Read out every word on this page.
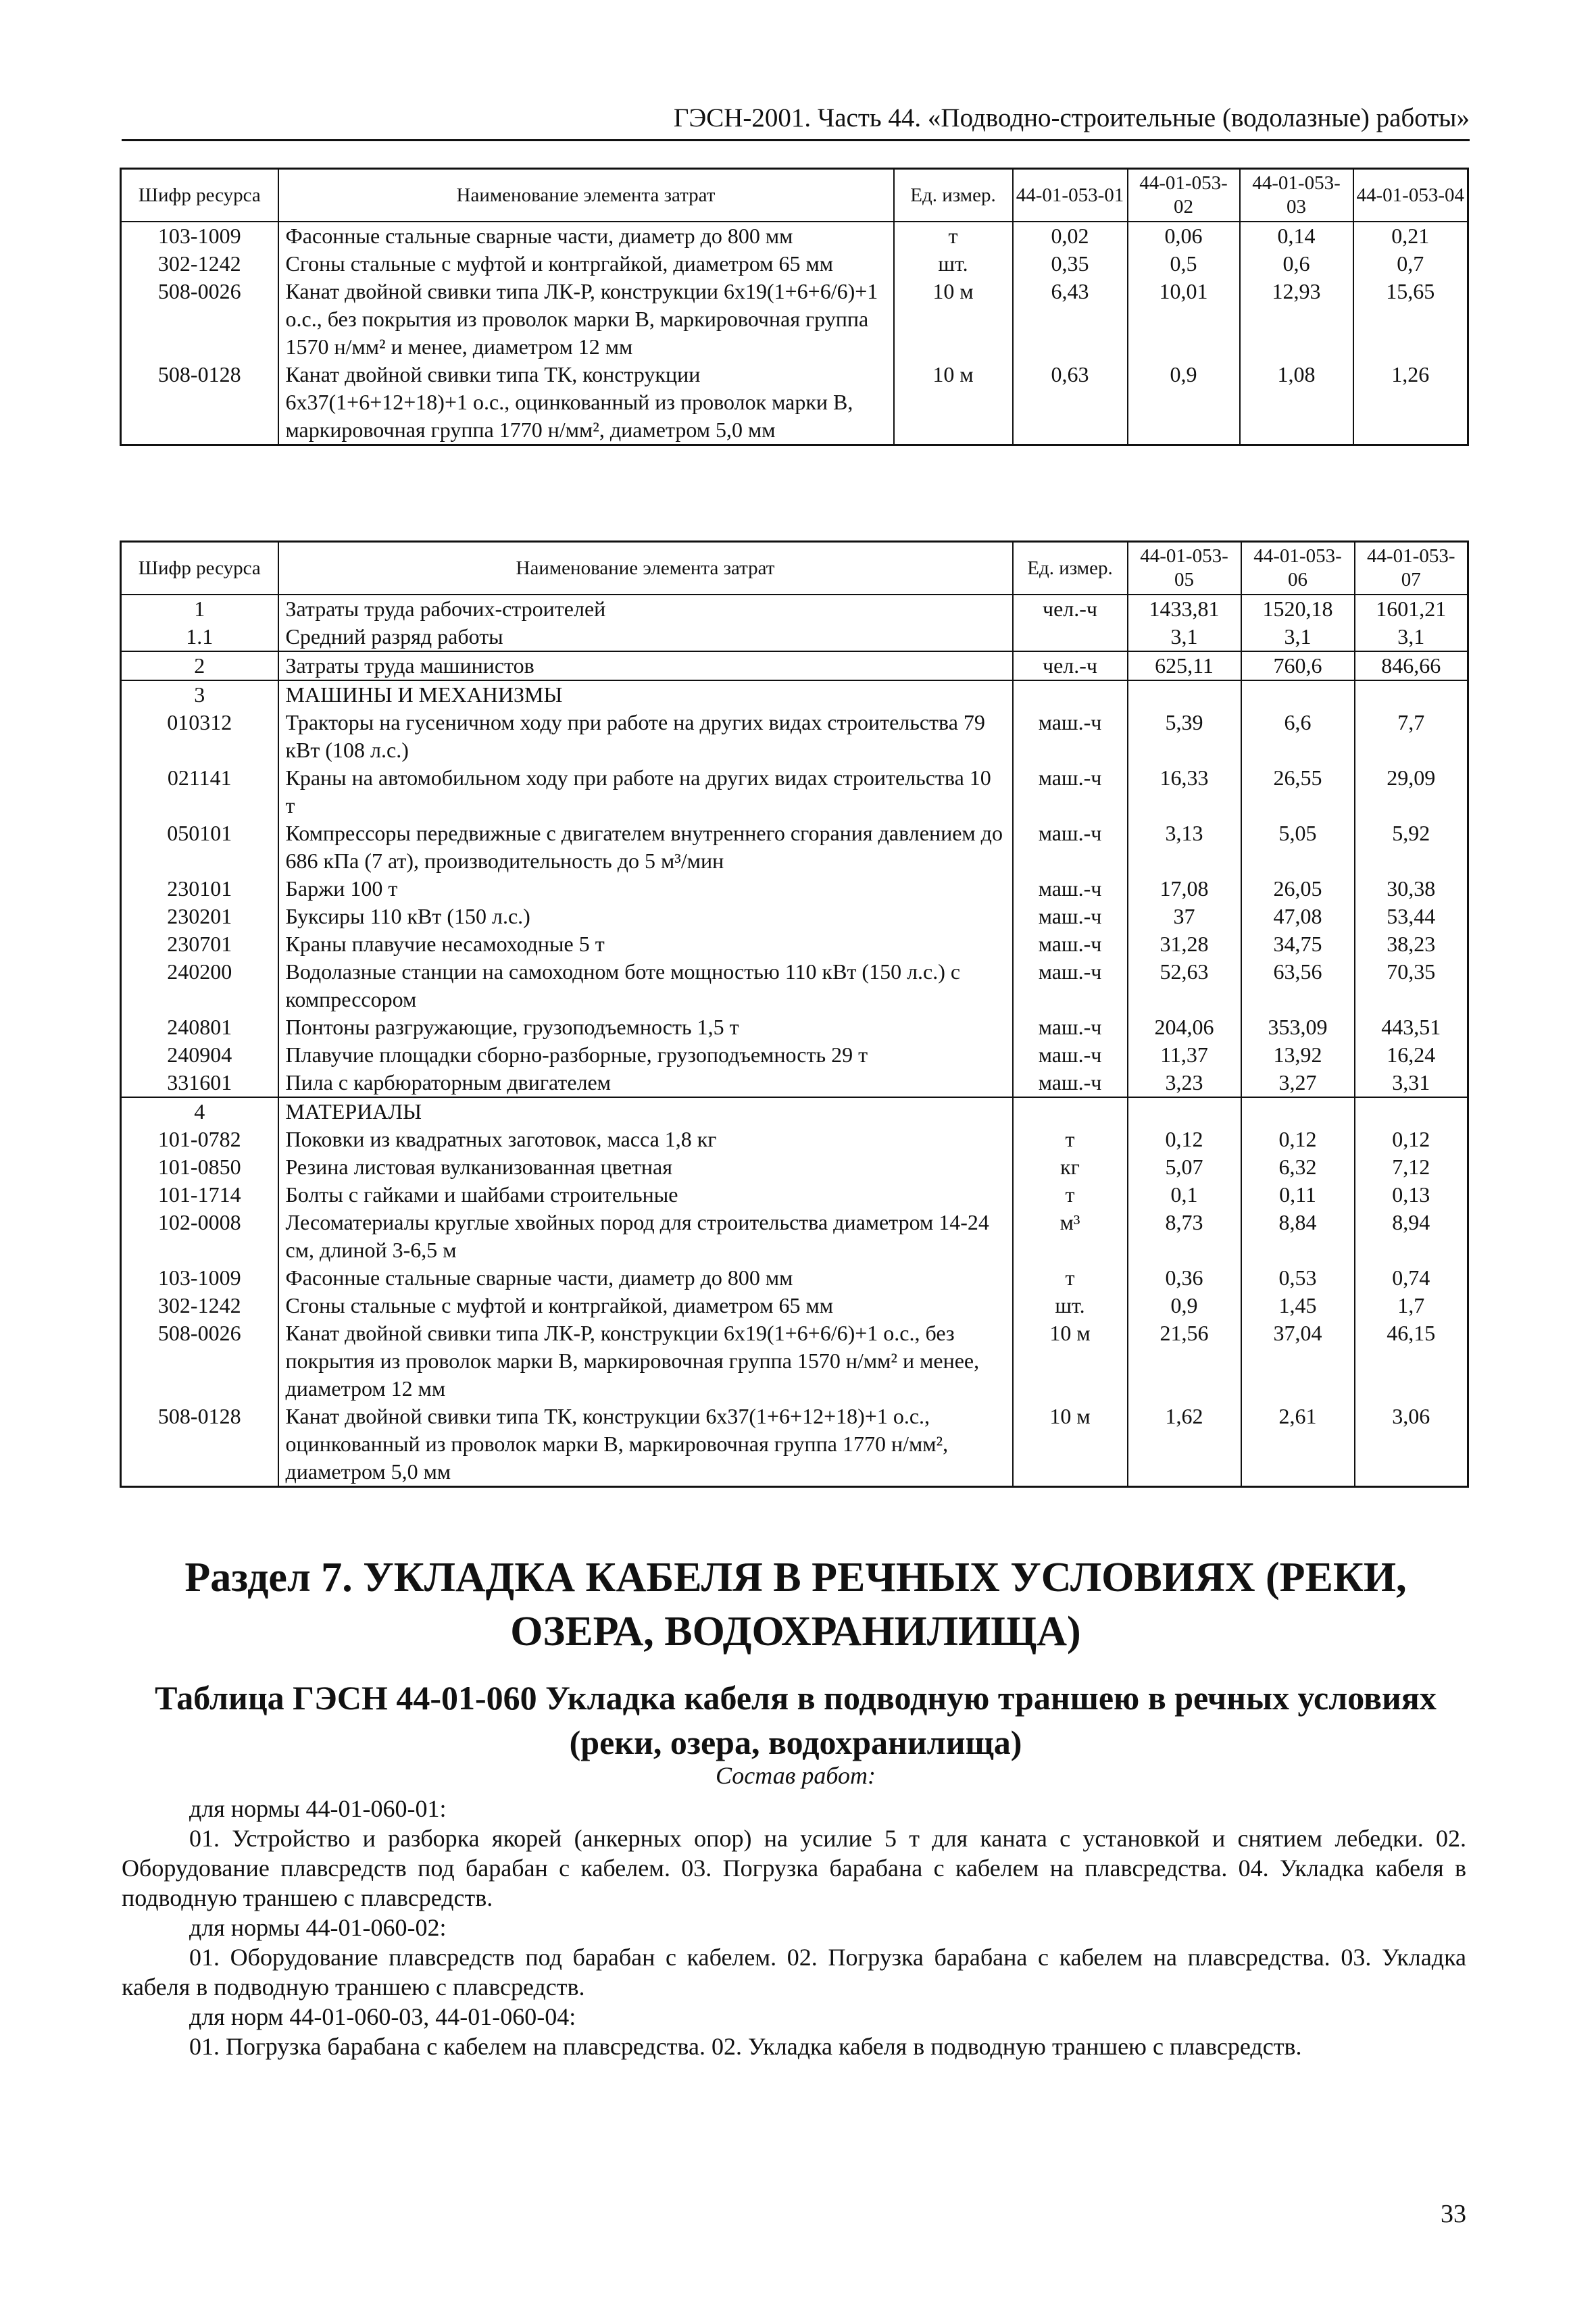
ГЭСН-2001. Часть 44. «Подводно-строительные (водолазные) работы»
Шифр ресурса	Наименование элемента затрат	Ед. измер.	44-01-053-01	44-01-053-02	44-01-053-03	44-01-053-04
103-1009	Фасонные стальные сварные части, диаметр до 800 мм	т	0,02	0,06	0,14	0,21
302-1242	Сгоны стальные с муфтой и контргайкой, диаметром 65 мм	шт.	0,35	0,5	0,6	0,7
508-0026	Канат двойной свивки типа ЛК-Р, конструкции 6х19(1+6+6/6)+1 о.с., без покрытия из проволок марки В, маркировочная группа 1570 н/мм² и менее, диаметром 12 мм	10 м	6,43	10,01	12,93	15,65
508-0128	Канат двойной свивки типа ТК, конструкции 6х37(1+6+12+18)+1 о.с., оцинкованный из проволок марки В, маркировочная группа 1770 н/мм², диаметром 5,0 мм	10 м	0,63	0,9	1,08	1,26
Шифр ресурса	Наименование элемента затрат	Ед. измер.	44-01-053-05	44-01-053-06	44-01-053-07
1	Затраты труда рабочих-строителей	чел.-ч	1433,81	1520,18	1601,21
1.1	Средний разряд работы		3,1	3,1	3,1
2	Затраты труда машинистов	чел.-ч	625,11	760,6	846,66
3	МАШИНЫ И МЕХАНИЗМЫ				
010312	Тракторы на гусеничном ходу при работе на других видах строительства 79 кВт (108 л.с.)	маш.-ч	5,39	6,6	7,7
021141	Краны на автомобильном ходу при работе на других видах строительства 10 т	маш.-ч	16,33	26,55	29,09
050101	Компрессоры передвижные с двигателем внутреннего сгорания давлением до 686 кПа (7 ат), производительность до 5 м³/мин	маш.-ч	3,13	5,05	5,92
230101	Баржи 100 т	маш.-ч	17,08	26,05	30,38
230201	Буксиры 110 кВт (150 л.с.)	маш.-ч	37	47,08	53,44
230701	Краны плавучие несамоходные 5 т	маш.-ч	31,28	34,75	38,23
240200	Водолазные станции на самоходном боте мощностью 110 кВт (150 л.с.) с компрессором	маш.-ч	52,63	63,56	70,35
240801	Понтоны разгружающие, грузоподъемность 1,5 т	маш.-ч	204,06	353,09	443,51
240904	Плавучие площадки сборно-разборные, грузоподъемность 29 т	маш.-ч	11,37	13,92	16,24
331601	Пила с карбюраторным двигателем	маш.-ч	3,23	3,27	3,31
4	МАТЕРИАЛЫ				
101-0782	Поковки из квадратных заготовок, масса 1,8 кг	т	0,12	0,12	0,12
101-0850	Резина листовая вулканизованная цветная	кг	5,07	6,32	7,12
101-1714	Болты с гайками и шайбами строительные	т	0,1	0,11	0,13
102-0008	Лесоматериалы круглые хвойных пород для строительства диаметром 14-24 см, длиной 3-6,5 м	м³	8,73	8,84	8,94
103-1009	Фасонные стальные сварные части, диаметр до 800 мм	т	0,36	0,53	0,74
302-1242	Сгоны стальные с муфтой и контргайкой, диаметром 65 мм	шт.	0,9	1,45	1,7
508-0026	Канат двойной свивки типа ЛК-Р, конструкции 6х19(1+6+6/6)+1 о.с., без покрытия из проволок марки В, маркировочная группа 1570 н/мм² и менее, диаметром 12 мм	10 м	21,56	37,04	46,15
508-0128	Канат двойной свивки типа ТК, конструкции 6х37(1+6+12+18)+1 о.с., оцинкованный из проволок марки В, маркировочная группа 1770 н/мм², диаметром 5,0 мм	10 м	1,62	2,61	3,06
Раздел 7. УКЛАДКА КАБЕЛЯ В РЕЧНЫХ УСЛОВИЯХ (РЕКИ, ОЗЕРА, ВОДОХРАНИЛИЩА)
Таблица ГЭСН 44-01-060 Укладка кабеля в подводную траншею в речных условиях (реки, озера, водохранилища)
Состав работ:

для нормы 44-01-060-01:

01. Устройство и разборка якорей (анкерных опор) на усилие 5 т для каната с установкой и снятием лебедки. 02. Оборудование плавсредств под барабан с кабелем. 03. Погрузка барабана с кабелем на плавсредства. 04. Укладка кабеля в подводную траншею с плавсредств.

для нормы 44-01-060-02:

01. Оборудование плавсредств под барабан с кабелем. 02. Погрузка барабана с кабелем на плавсредства. 03. Укладка кабеля в подводную траншею с плавсредств.

для норм 44-01-060-03, 44-01-060-04:

01. Погрузка барабана с кабелем на плавсредства. 02. Укладка кабеля в подводную траншею с плавсредств.

33
